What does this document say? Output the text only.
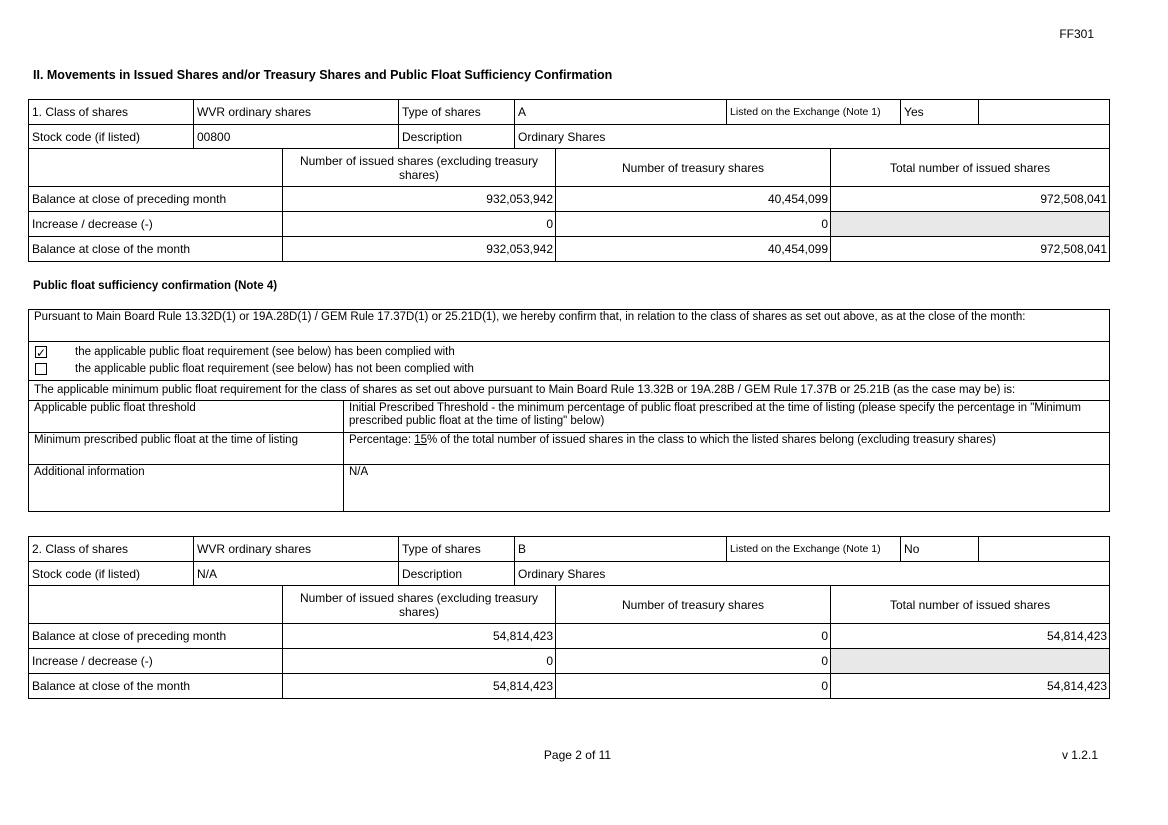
FF301
II. Movements in Issued Shares and/or Treasury Shares and Public Float Sufficiency Confirmation
1. Class of shares	WVR ordinary shares		Type of shares	A		Listed on the Exchange (Note 1)		Yes	
Stock code (if listed)	00800		Description	Ordinary Shares					
		Number of issued shares (excluding treasury shares)			Number of treasury shares		Total number of issued shares		
Balance at close of preceding month		932,053,942			40,454,099		972,508,041		
Increase / decrease (-)		0			0				
Balance at close of the month		932,053,942			40,454,099		972,508,041		
Public float sufficiency confirmation (Note 4)
Pursuant to Main Board Rule 13.32D(1) or 19A.28D(1) / GEM Rule 17.37D(1) or 25.21D(1), we hereby confirm that, in relation to the class of shares as set out above, as at the close of the month:	

✓ the applicable public float requirement (see below) has been complied with
the applicable public float requirement (see below) has not been complied with	

The applicable minimum public float requirement for the class of shares as set out above pursuant to Main Board Rule 13.32B or 19A.28B / GEM Rule 17.37B or 25.21B (as the case may be) is:	
Applicable public float threshold	Initial Prescribed Threshold - the minimum percentage of public float prescribed at the time of listing (please specify the percentage in "Minimum prescribed public float at the time of listing" below)
Minimum prescribed public float at the time of listing	Percentage: 15% of the total number of issued shares in the class to which the listed shares belong (excluding treasury shares)
Additional information	N/A
2. Class of shares	WVR ordinary shares		Type of shares	B		Listed on the Exchange (Note 1)		No	
Stock code (if listed)	N/A		Description	Ordinary Shares					
		Number of issued shares (excluding treasury shares)			Number of treasury shares		Total number of issued shares		
Balance at close of preceding month		54,814,423			0		54,814,423		
Increase / decrease (-)		0			0				
Balance at close of the month		54,814,423			0		54,814,423		
Page 2 of 11	v 1.2.1
